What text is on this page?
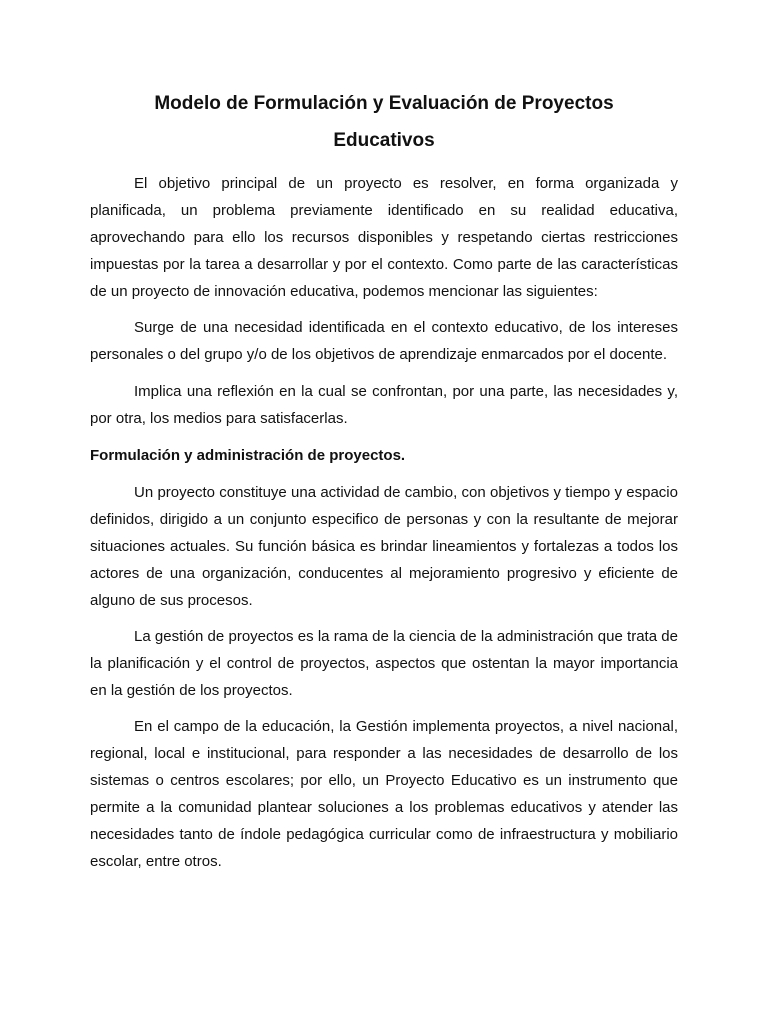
Modelo de Formulación y Evaluación de Proyectos
Educativos

El objetivo principal de un proyecto es resolver, en forma organizada y planificada, un problema previamente identificado en su realidad educativa, aprovechando para ello los recursos disponibles y respetando ciertas restricciones impuestas por la tarea a desarrollar y por el contexto. Como parte de las características de un proyecto de innovación educativa, podemos mencionar las siguientes:

Surge de una necesidad identificada en el contexto educativo, de los intereses personales o del grupo y/o de los objetivos de aprendizaje enmarcados por el docente.

Implica una reflexión en la cual se confrontan, por una parte, las necesidades y, por otra, los medios para satisfacerlas.

Formulación y administración de proyectos.

Un proyecto constituye una actividad de cambio, con objetivos y tiempo y espacio definidos, dirigido a un conjunto especifico de personas y con la resultante de mejorar situaciones actuales. Su función básica es brindar lineamientos y fortalezas a todos los actores de una organización, conducentes al mejoramiento progresivo y eficiente de alguno de sus procesos.

La gestión de proyectos es la rama de la ciencia de la administración que trata de la planificación y el control de proyectos, aspectos que ostentan la mayor importancia en la gestión de los proyectos.

En el campo de la educación, la Gestión implementa proyectos, a nivel nacional, regional, local e institucional, para responder a las necesidades de desarrollo de los sistemas o centros escolares; por ello, un Proyecto Educativo es un instrumento que permite a la comunidad plantear soluciones a los problemas educativos y atender las necesidades tanto de índole pedagógica curricular como de infraestructura y mobiliario escolar, entre otros.
